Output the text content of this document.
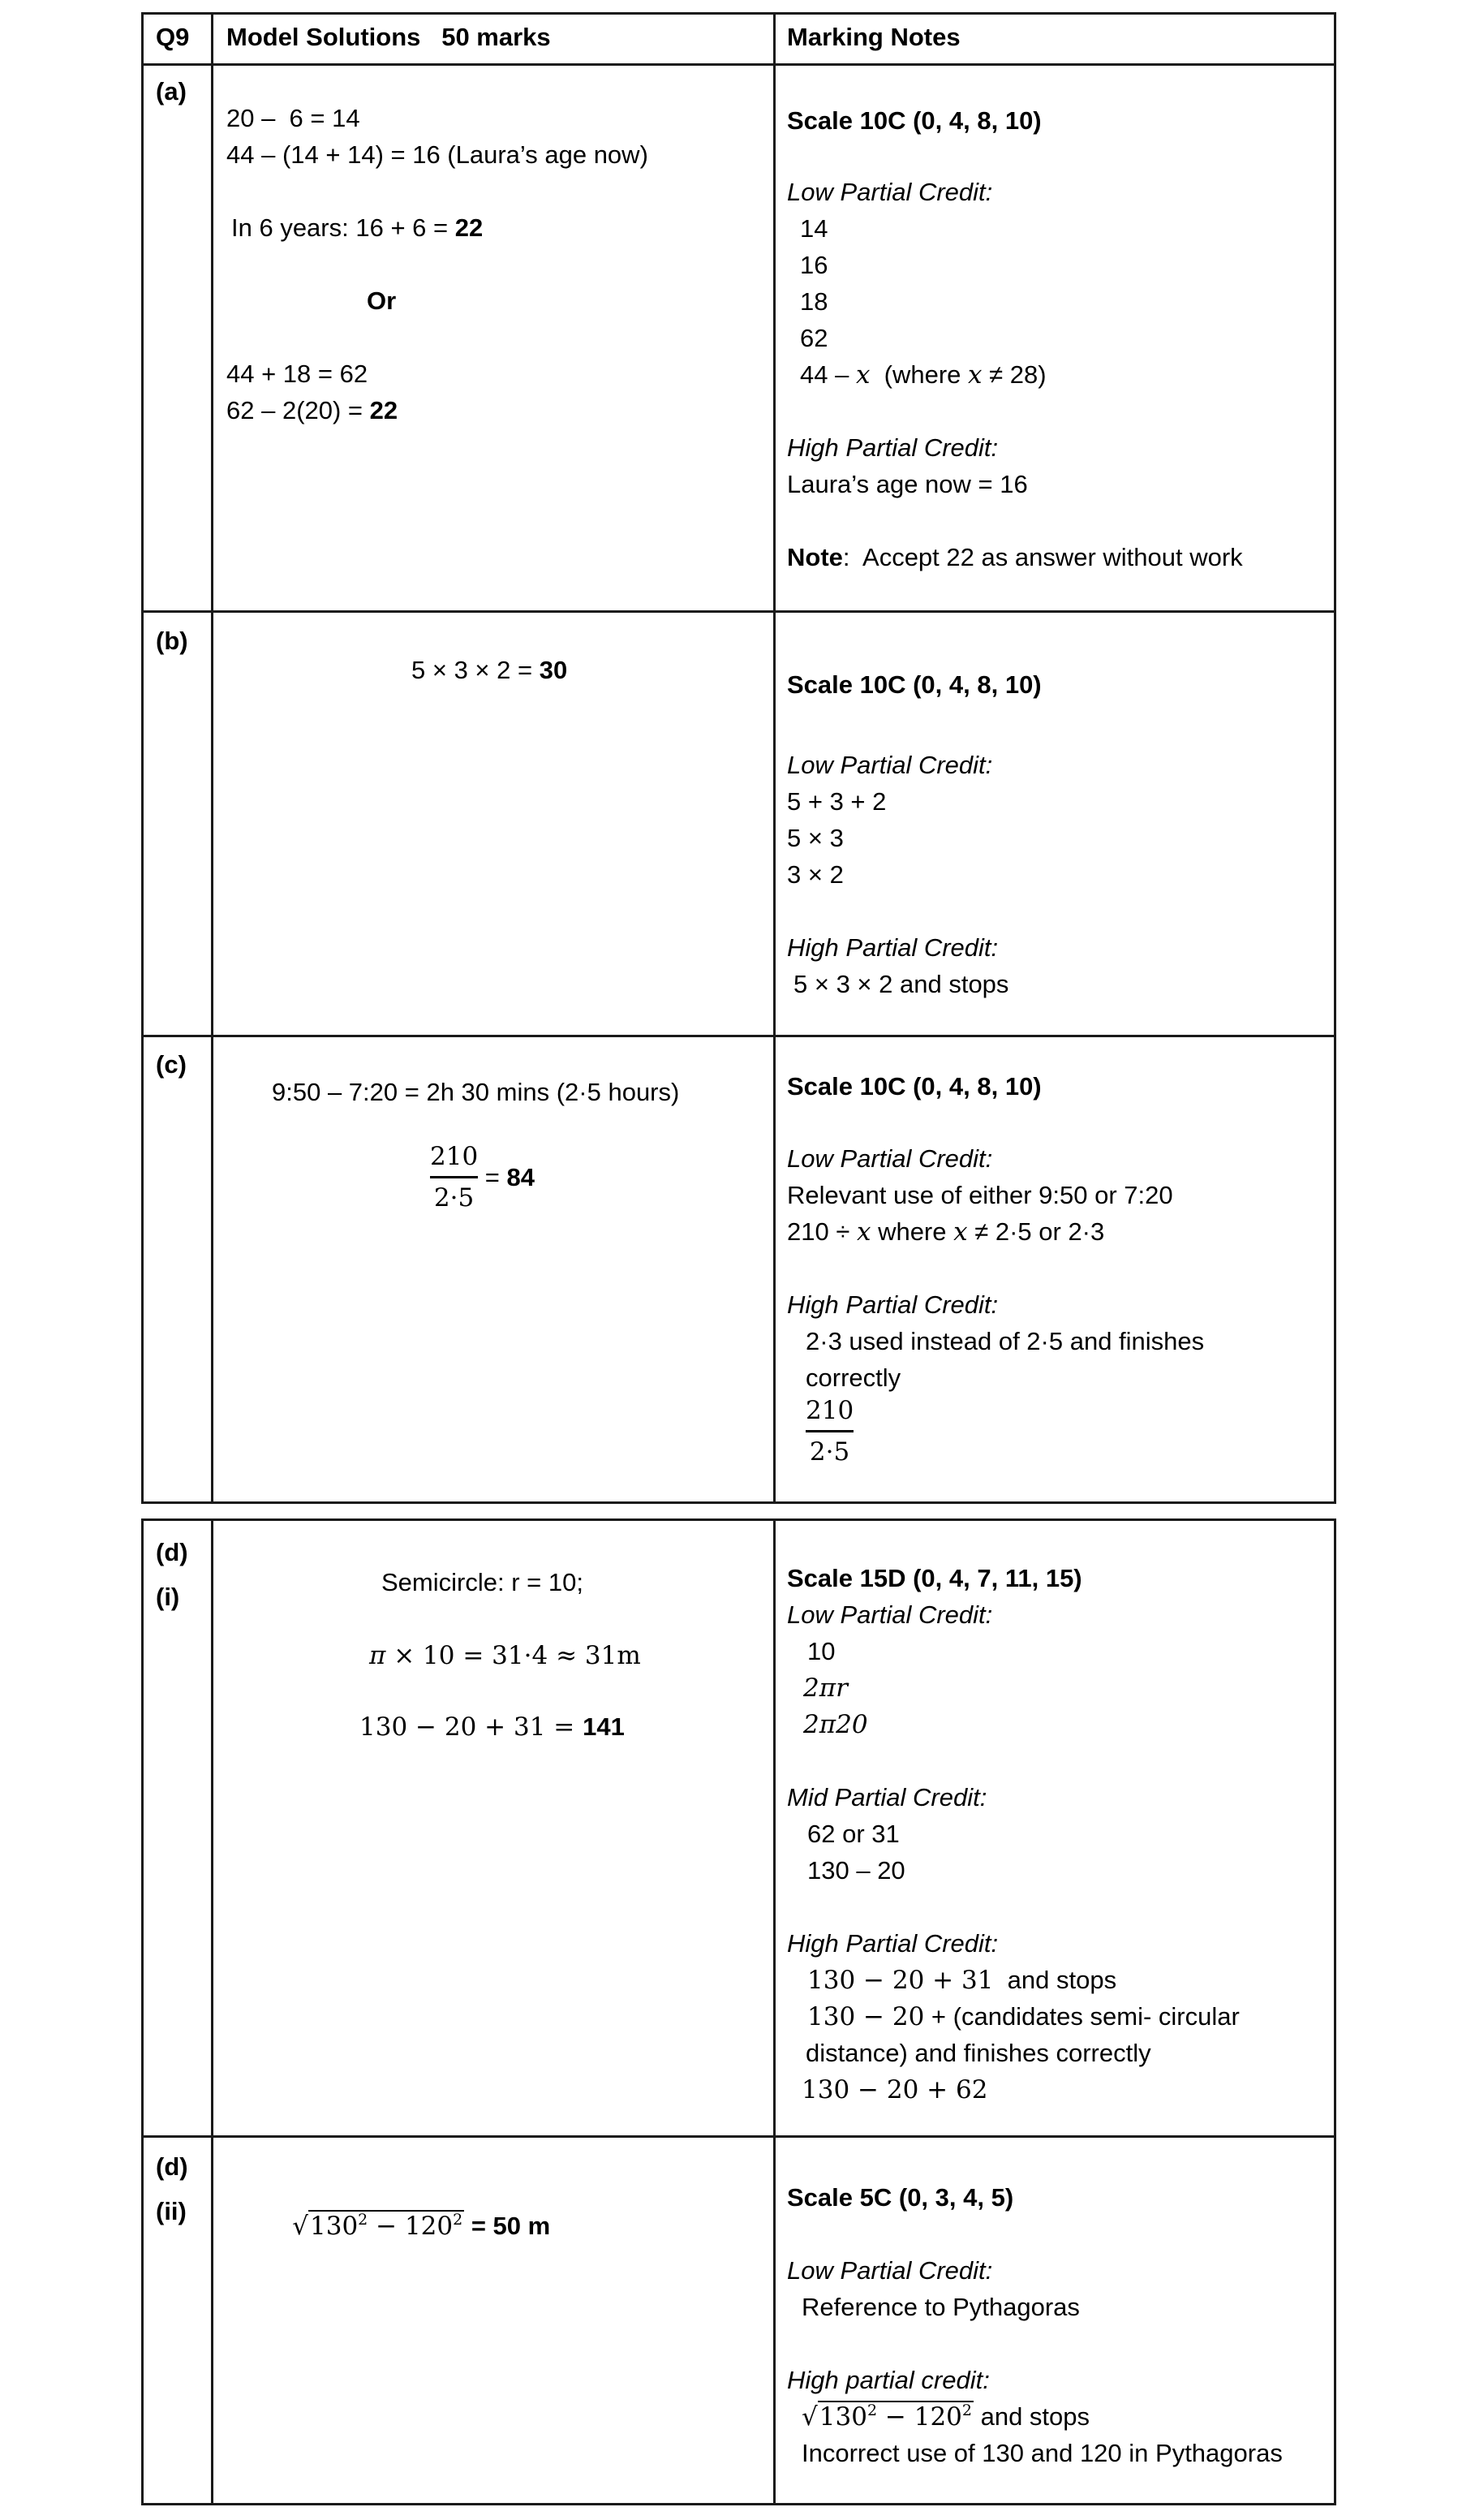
Q9 Model Solutions   50 marks	Marking Notes
(a)
20 –  6 = 14
44 – (14 + 14) = 16 (Laura’s age now)
In 6 years: 16 + 6 = 22
Or
44 + 18 = 62
62 – 2(20) = 22
Scale 10C (0, 4, 8, 10)
Low Partial Credit:
14
16
18
62
44 – x  (where x ≠ 28)
High Partial Credit:
Laura’s age now = 16
Note:  Accept 22 as answer without work
(b)
5 × 3 × 2 = 30
Scale 10C (0, 4, 8, 10)
Low Partial Credit:
5 + 3 + 2
5 × 3
3 × 2
High Partial Credit:
5 × 3 × 2 and stops
(c)
9:50 – 7:20 = 2h 30 mins (2·5 hours)
$\frac{210}{2\cdot 5} = 84$
Scale 10C (0, 4, 8, 10)
Low Partial Credit:
Relevant use of either 9:50 or 7:20
210 ÷ x where x ≠ 2·5 or 2·3
High Partial Credit:
2·3 used instead of 2·5 and finishes
correctly
210
2·5
(d)
(i)
Semicircle: r = 10;
π × 10 = 31·4 ≈ 31m
130 − 20 + 31 = 141
Scale 15D (0, 4, 7, 11, 15)
Low Partial Credit:
10
2πr
2π20
Mid Partial Credit:
62 or 31
130 – 20
High Partial Credit:
130 − 20 + 31  and stops
130 − 20 + (candidates semi- circular
distance) and finishes correctly
130 − 20 + 62
(d)
(ii)

$√130^2 - 120^2 = 50$ m

Scale 5C (0, 3, 4, 5)
Low Partial Credit:
Reference to Pythagoras
High partial credit:
$√130^2 - 120^2$ and stops
Incorrect use of 130 and 120 in Pythagoras
